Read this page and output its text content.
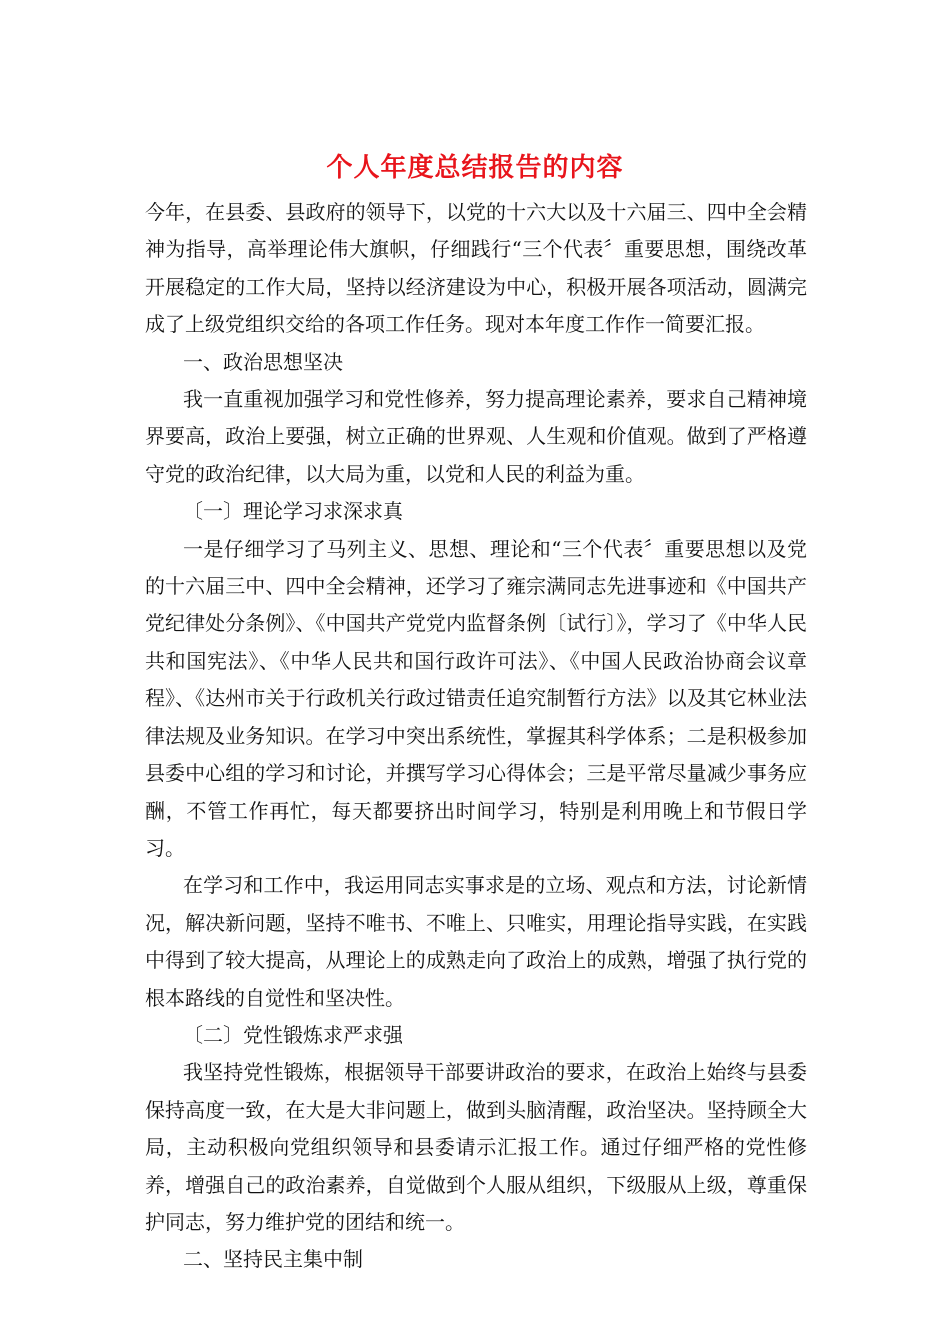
个人年度总结报告的内容

今年，在县委、县政府的领导下，以党的十六大以及十六届三、四中全会精神为指导，高举理论伟大旗帜，仔细践行“三个代表〞重要思想，围绕改革开展稳定的工作大局，坚持以经济建设为中心，积极开展各项活动，圆满完成了上级党组织交给的各项工作任务。现对本年度工作作一简要汇报。

一、政治思想坚决

我一直重视加强学习和党性修养，努力提高理论素养，要求自己精神境界要高，政治上要强，树立正确的世界观、人生观和价值观。做到了严格遵守党的政治纪律，以大局为重，以党和人民的利益为重。

〔一〕理论学习求深求真

一是仔细学习了马列主义、思想、理论和“三个代表〞重要思想以及党的十六届三中、四中全会精神，还学习了雍宗满同志先进事迹和《中国共产党纪律处分条例》、《中国共产党党内监督条例〔试行〕》，学习了《中华人民共和国宪法》、《中华人民共和国行政许可法》、《中国人民政治协商会议章程》、《达州市关于行政机关行政过错责任追究制暂行方法》以及其它林业法律法规及业务知识。在学习中突出系统性，掌握其科学体系；二是积极参加县委中心组的学习和讨论，并撰写学习心得体会；三是平常尽量减少事务应酬，不管工作再忙，每天都要挤出时间学习，特别是利用晚上和节假日学习。

在学习和工作中，我运用同志实事求是的立场、观点和方法，讨论新情况，解决新问题，坚持不唯书、不唯上、只唯实，用理论指导实践，在实践中得到了较大提高，从理论上的成熟走向了政治上的成熟，增强了执行党的根本路线的自觉性和坚决性。

〔二〕党性锻炼求严求强

我坚持党性锻炼，根据领导干部要讲政治的要求，在政治上始终与县委保持高度一致，在大是大非问题上，做到头脑清醒，政治坚决。坚持顾全大局，主动积极向党组织领导和县委请示汇报工作。通过仔细严格的党性修养，增强自己的政治素养，自觉做到个人服从组织，下级服从上级，尊重保护同志，努力维护党的团结和统一。

二、坚持民主集中制
